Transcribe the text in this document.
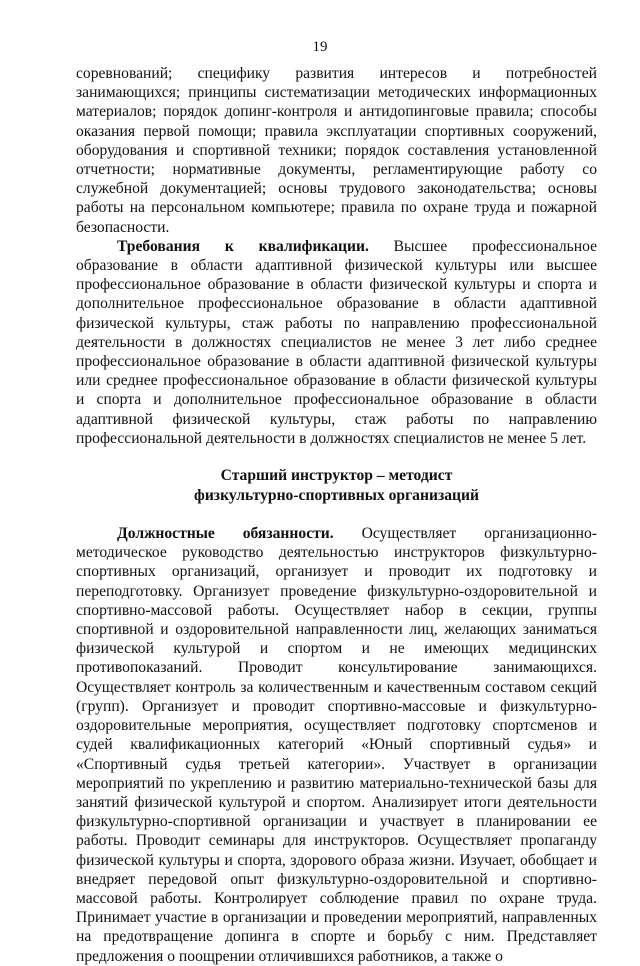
19

соревнований; специфику развития интересов и потребностей занимающихся; принципы систематизации методических информационных материалов; порядок допинг-контроля и антидопинговые правила; способы оказания первой помощи; правила эксплуатации спортивных сооружений, оборудования и спортивной техники; порядок составления установленной отчетности; нормативные документы, регламентирующие работу со служебной документацией; основы трудового законодательства; основы работы на персональном компьютере; правила по охране труда и пожарной безопасности.

Требования к квалификации. Высшее профессиональное образование в области адаптивной физической культуры или высшее профессиональное образование в области физической культуры и спорта и дополнительное профессиональное образование в области адаптивной физической культуры, стаж работы по направлению профессиональной деятельности в должностях специалистов не менее 3 лет либо среднее профессиональное образование в области адаптивной физической культуры или среднее профессиональное образование в области физической культуры и спорта и дополнительное профессиональное образование в области адаптивной физической культуры, стаж работы по направлению профессиональной деятельности в должностях специалистов не менее 5 лет.

Старший инструктор – методист
физкультурно-спортивных организаций

Должностные обязанности. Осуществляет организационно-методическое руководство деятельностью инструкторов физкультурно-спортивных организаций, организует и проводит их подготовку и переподготовку. Организует проведение физкультурно-оздоровительной и спортивно-массовой работы. Осуществляет набор в секции, группы спортивной и оздоровительной направленности лиц, желающих заниматься физической культурой и спортом и не имеющих медицинских противопоказаний. Проводит консультирование занимающихся. Осуществляет контроль за количественным и качественным составом секций (групп). Организует и проводит спортивно-массовые и физкультурно-оздоровительные мероприятия, осуществляет подготовку спортсменов и судей квалификационных категорий «Юный спортивный судья» и «Спортивный судья третьей категории». Участвует в организации мероприятий по укреплению и развитию материально-технической базы для занятий физической культурой и спортом. Анализирует итоги деятельности физкультурно-спортивной организации и участвует в планировании ее работы. Проводит семинары для инструкторов. Осуществляет пропаганду физической культуры и спорта, здорового образа жизни. Изучает, обобщает и внедряет передовой опыт физкультурно-оздоровительной и спортивно-массовой работы. Контролирует соблюдение правил по охране труда. Принимает участие в организации и проведении мероприятий, направленных на предотвращение допинга в спорте и борьбу с ним. Представляет предложения о поощрении отличившихся работников, а также о
